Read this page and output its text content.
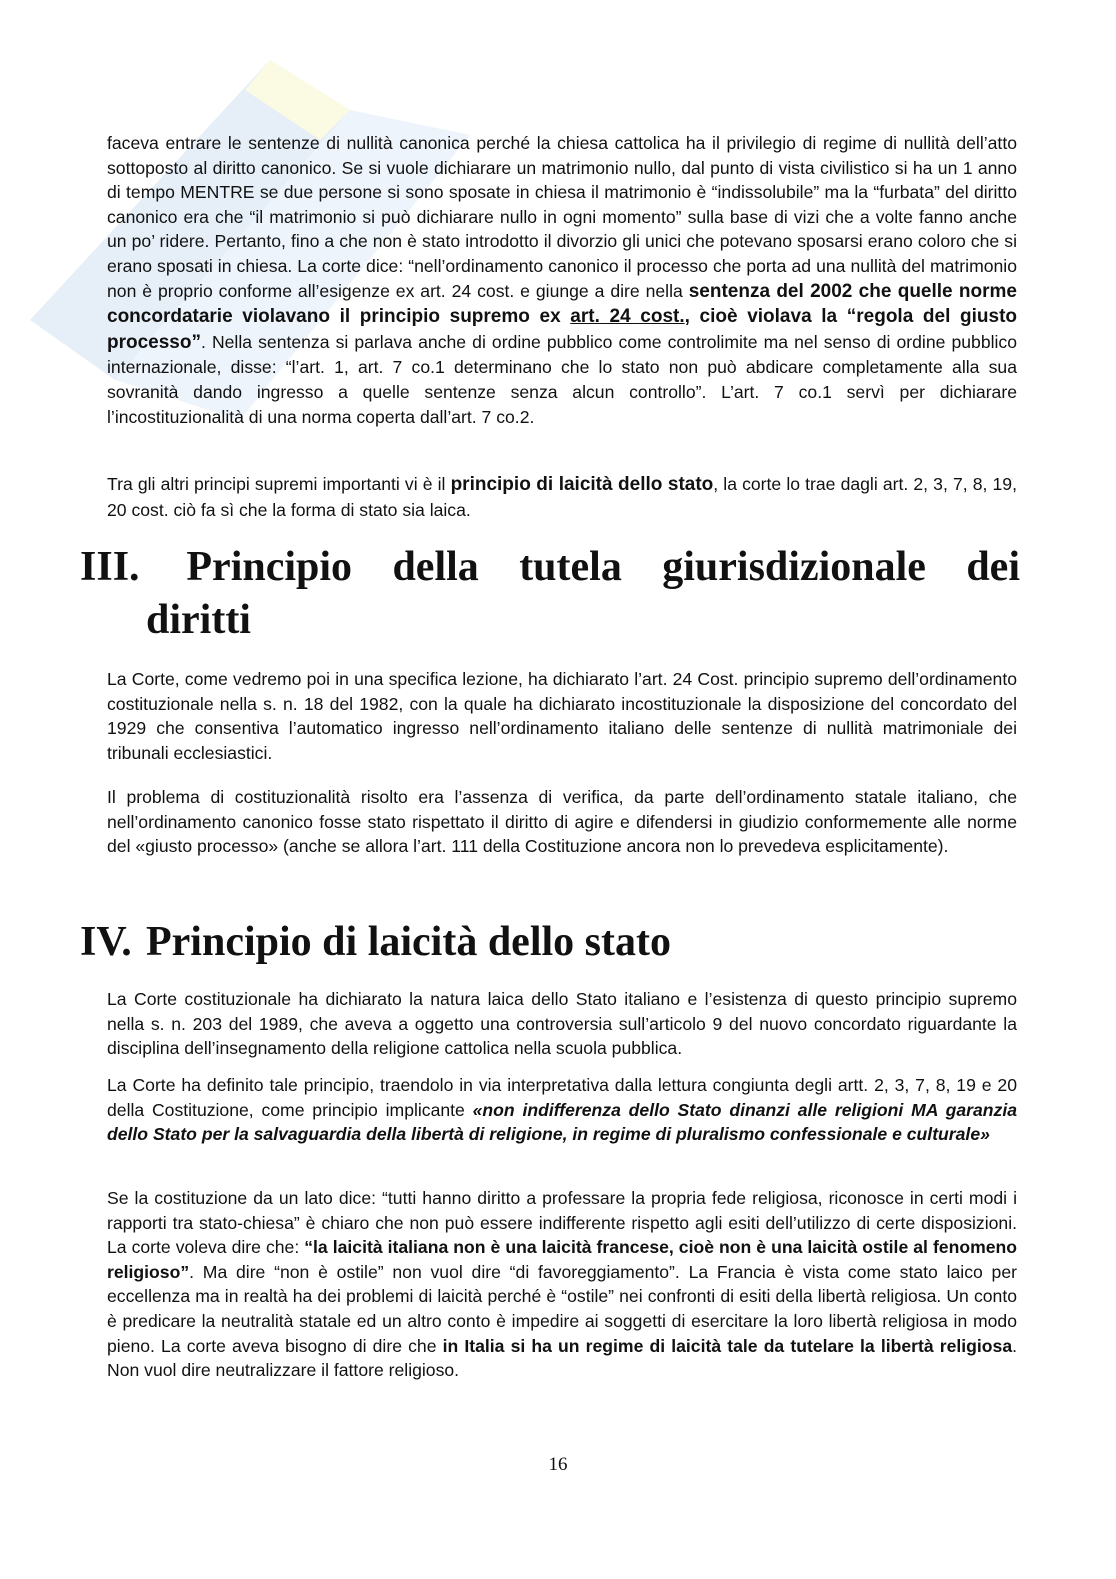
faceva entrare le sentenze di nullità canonica perché la chiesa cattolica ha il privilegio di regime di nullità dell’atto sottoposto al diritto canonico. Se si vuole dichiarare un matrimonio nullo, dal punto di vista civilistico si ha un 1 anno di tempo MENTRE se due persone si sono sposate in chiesa il matrimonio è “indissolubile” ma la “furbata” del diritto canonico era che “il matrimonio si può dichiarare nullo in ogni momento” sulla base di vizi che a volte fanno anche un po’ ridere. Pertanto, fino a che non è stato introdotto il divorzio gli unici che potevano sposarsi erano coloro che si erano sposati in chiesa. La corte dice: “nell’ordinamento canonico il processo che porta ad una nullità del matrimonio non è proprio conforme all’esigenze ex art. 24 cost. e giunge a dire nella sentenza del 2002 che quelle norme concordatarie violavano il principio supremo ex art. 24 cost., cioè violava la “regola del giusto processo”. Nella sentenza si parlava anche di ordine pubblico come controlimite ma nel senso di ordine pubblico internazionale, disse: “l’art. 1, art. 7 co.1 determinano che lo stato non può abdicare completamente alla sua sovranità dando ingresso a quelle sentenze senza alcun controllo”. L’art. 7 co.1 servì per dichiarare l’incostituzionalità di una norma coperta dall’art. 7 co.2.

Tra gli altri principi supremi importanti vi è il principio di laicità dello stato, la corte lo trae dagli art. 2, 3, 7, 8, 19, 20 cost. ciò fa sì che la forma di stato sia laica.

III. Principio della tutela giurisdizionale dei
diritti

La Corte, come vedremo poi in una specifica lezione, ha dichiarato l’art. 24 Cost. principio supremo dell’ordinamento costituzionale nella s. n. 18 del 1982, con la quale ha dichiarato incostituzionale la disposizione del concordato del 1929 che consentiva l’automatico ingresso nell’ordinamento italiano delle sentenze di nullità matrimoniale dei tribunali ecclesiastici.

Il problema di costituzionalità risolto era l’assenza di verifica, da parte dell’ordinamento statale italiano, che nell’ordinamento canonico fosse stato rispettato il diritto di agire e difendersi in giudizio conformemente alle norme del «giusto processo» (anche se allora l’art. 111 della Costituzione ancora non lo prevedeva esplicitamente).

IV. Principio di laicità dello stato

La Corte costituzionale ha dichiarato la natura laica dello Stato italiano e l’esistenza di questo principio supremo nella s. n. 203 del 1989, che aveva a oggetto una controversia sull’articolo 9 del nuovo concordato riguardante la disciplina dell’insegnamento della religione cattolica nella scuola pubblica.

La Corte ha definito tale principio, traendolo in via interpretativa dalla lettura congiunta degli artt. 2, 3, 7, 8, 19 e 20 della Costituzione, come principio implicante «non indifferenza dello Stato dinanzi alle religioni MA garanzia dello Stato per la salvaguardia della libertà di religione, in regime di pluralismo confessionale e culturale»

Se la costituzione da un lato dice: “tutti hanno diritto a professare la propria fede religiosa, riconosce in certi modi i rapporti tra stato-chiesa” è chiaro che non può essere indifferente rispetto agli esiti dell’utilizzo di certe disposizioni. La corte voleva dire che: “la laicità italiana non è una laicità francese, cioè non è una laicità ostile al fenomeno religioso”. Ma dire “non è ostile” non vuol dire “di favoreggiamento”. La Francia è vista come stato laico per eccellenza ma in realtà ha dei problemi di laicità perché è “ostile” nei confronti di esiti della libertà religiosa. Un conto è predicare la neutralità statale ed un altro conto è impedire ai soggetti di esercitare la loro libertà religiosa in modo pieno. La corte aveva bisogno di dire che in Italia si ha un regime di laicità tale da tutelare la libertà religiosa. Non vuol dire neutralizzare il fattore religioso.

16
